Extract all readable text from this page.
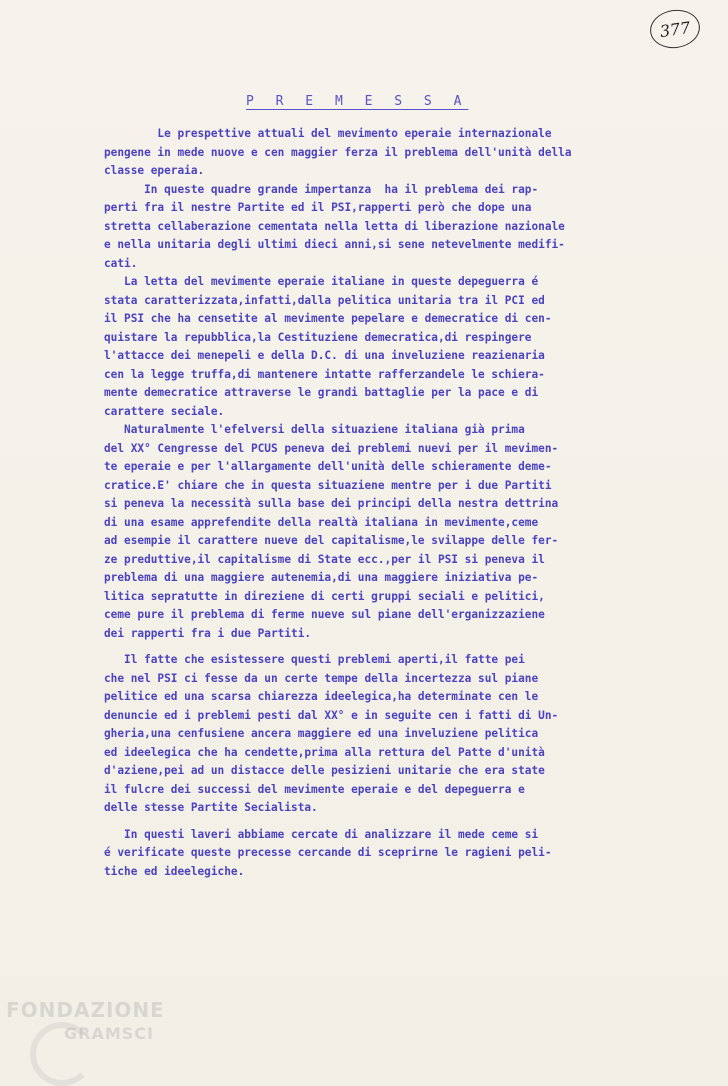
377
P R E M E S S A
Le prespettive attuali del mevimento eperaie internazionale
pengene in mede nuove e cen maggier ferza il preblema dell'unità della
classe eperaia.
In queste quadre grande impertanza  ha il preblema dei rap-
perti fra il nestre Partite ed il PSI,rapperti però che dope una
stretta cellaberazione cementata nella letta di liberazione nazionale
e nella unitaria degli ultimi dieci anni,si sene netevelmente medifi-
cati.
La letta del mevimente eperaie italiane in queste depeguerra é
stata caratterizzata,infatti,dalla pelitica unitaria tra il PCI ed
il PSI che ha censetite al mevimente pepelare e demecratice di cen-
quistare la repubblica,la Cestituziene demecratica,di respingere
l'attacce dei menepeli e della D.C. di una inveluziene reazienaria
cen la legge truffa,di mantenere intatte rafferzandele le schiera-
mente demecratice attraverse le grandi battaglie per la pace e di
carattere seciale.
Naturalmente l'efelversi della situaziene italiana già prima
del XX° Cengresse del PCUS peneva dei preblemi nuevi per il mevimen-
te eperaie e per l'allargamente dell'unità delle schieramente deme-
cratice.E' chiare che in questa situaziene mentre per i due Partiti
si peneva la necessità sulla base dei principi della nestra dettrina
di una esame apprefendite della realtà italiana in mevimente,ceme
ad esempie il carattere nueve del capitalisme,le svilappe delle fer-
ze preduttive,il capitalisme di State ecc.,per il PSI si peneva il
preblema di una maggiere autenemia,di una maggiere iniziativa pe-
litica sepratutte in direziene di certi gruppi seciali e pelitici,
ceme pure il preblema di ferme nueve sul piane dell'erganizzaziene
dei rapperti fra i due Partiti.
Il fatte che esistessere questi preblemi aperti,il fatte pei
che nel PSI ci fesse da un certe tempe della incertezza sul piane
pelitice ed una scarsa chiarezza ideelegica,ha determinate cen le
denuncie ed i preblemi pesti dal XX° e in seguite cen i fatti di Un-
gheria,una cenfusiene ancera maggiere ed una inveluziene pelitica
ed ideelegica che ha cendette,prima alla rettura del Patte d'unità
d'aziene,pei ad un distacce delle pesizieni unitarie che era state
il fulcre dei successi del mevimente eperaie e del depeguerra e
delle stesse Partite Secialista.
In questi laveri abbiame cercate di analizzare il mede ceme si
é verificate queste precesse cercande di sceprirne le ragieni peli-
tiche ed ideelegiche.
FONDAZIONE
GRAMSCI
